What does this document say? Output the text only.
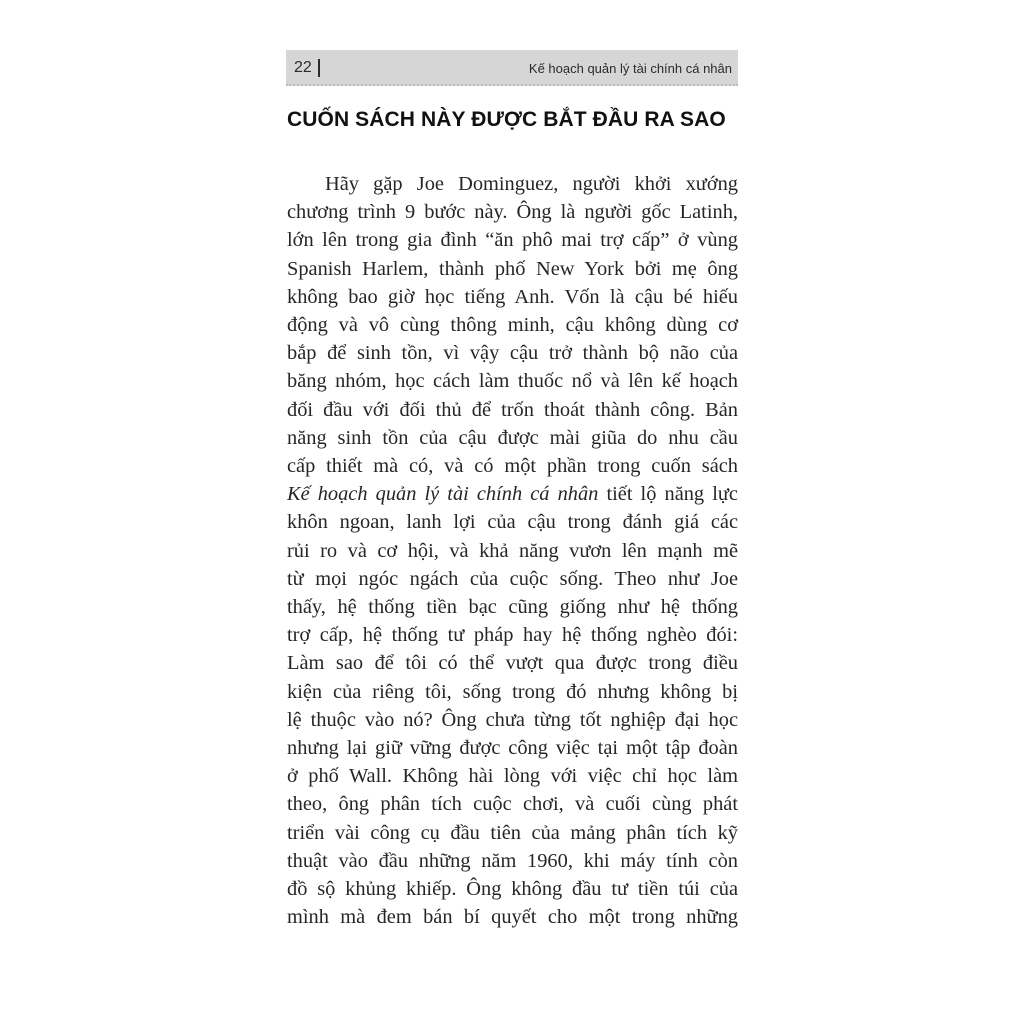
22	Kế hoạch quản lý tài chính cá nhân
CUỐN SÁCH NÀY ĐƯỢC BẮT ĐẦU RA SAO
Hãy gặp Joe Dominguez, người khởi xướng
chương trình 9 bước này. Ông là người gốc Latinh,
lớn lên trong gia đình “ăn phô mai trợ cấp” ở vùng
Spanish Harlem, thành phố New York bởi mẹ ông
không bao giờ học tiếng Anh. Vốn là cậu bé hiếu
động và vô cùng thông minh, cậu không dùng cơ
bắp để sinh tồn, vì vậy cậu trở thành bộ não của
băng nhóm, học cách làm thuốc nổ và lên kế hoạch
đối đầu với đối thủ để trốn thoát thành công. Bản
năng sinh tồn của cậu được mài giũa do nhu cầu
cấp thiết mà có, và có một phần trong cuốn sách
Kế hoạch quản lý tài chính cá nhân tiết lộ năng lực
khôn ngoan, lanh lợi của cậu trong đánh giá các
rủi ro và cơ hội, và khả năng vươn lên mạnh mẽ
từ mọi ngóc ngách của cuộc sống. Theo như Joe
thấy, hệ thống tiền bạc cũng giống như hệ thống
trợ cấp, hệ thống tư pháp hay hệ thống nghèo đói:
Làm sao để tôi có thể vượt qua được trong điều
kiện của riêng tôi, sống trong đó nhưng không bị
lệ thuộc vào nó? Ông chưa từng tốt nghiệp đại học
nhưng lại giữ vững được công việc tại một tập đoàn
ở phố Wall. Không hài lòng với việc chỉ học làm
theo, ông phân tích cuộc chơi, và cuối cùng phát
triển vài công cụ đầu tiên của mảng phân tích kỹ
thuật vào đầu những năm 1960, khi máy tính còn
đồ sộ khủng khiếp. Ông không đầu tư tiền túi của
mình mà đem bán bí quyết cho một trong những
